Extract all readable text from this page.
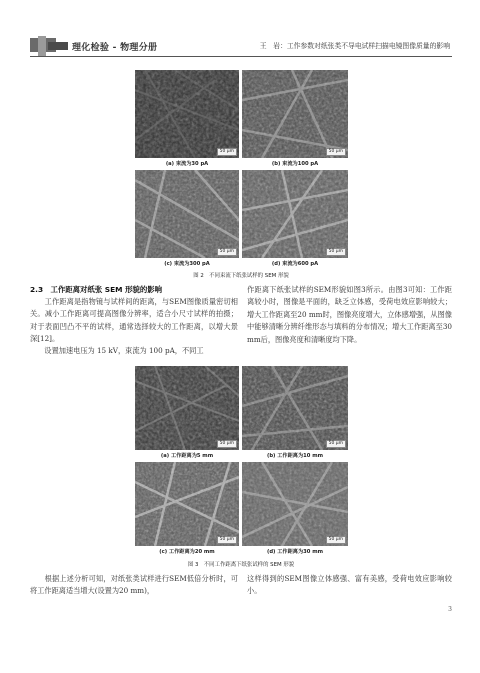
理化检验 - 物理分册	王　岩：工作参数对纸张类不导电试样扫描电镜图像质量的影响
50 μm
(a) 束流为30 pA
50 μm
(b) 束流为100 pA
50 μm
(c) 束流为300 pA
50 μm
(d) 束流为600 pA
图 2　不同束流下纸张试样的 SEM 形貌
2.3　工作距离对纸张 SEM 形貌的影响
　　工作距离是指物镜与试样间的距离，与SEM图像质量密切相关。减小工作距离可提高图像分辨率，适合小尺寸试样的拍摄；对于表面凹凸不平的试样，通常选择较大的工作距离，以增大景深[12]。
　　设置加速电压为 15 kV，束流为 100 pA，不同工
作距离下纸张试样的SEM形貌如图3所示。由图3可知：工作距离较小时，图像是平面的，缺乏立体感，受荷电效应影响较大；增大工作距离至20 mm时，图像亮度增大，立体感增强，从图像中能够清晰分辨纤维形态与填料的分布情况；增大工作距离至30 mm后，图像亮度和清晰度均下降。
50 μm
(a) 工作距离为5 mm
50 μm
(b) 工作距离为10 mm
50 μm
(c) 工作距离为20 mm
50 μm
(d) 工作距离为30 mm
图 3　不同工作距离下纸张试样的 SEM 形貌
　　根据上述分析可知，对纸张类试样进行SEM低倍分析时，可将工作距离适当增大(设置为20 mm)，
这样得到的SEM图像立体感强、富有美感，受荷电效应影响较小。
3
